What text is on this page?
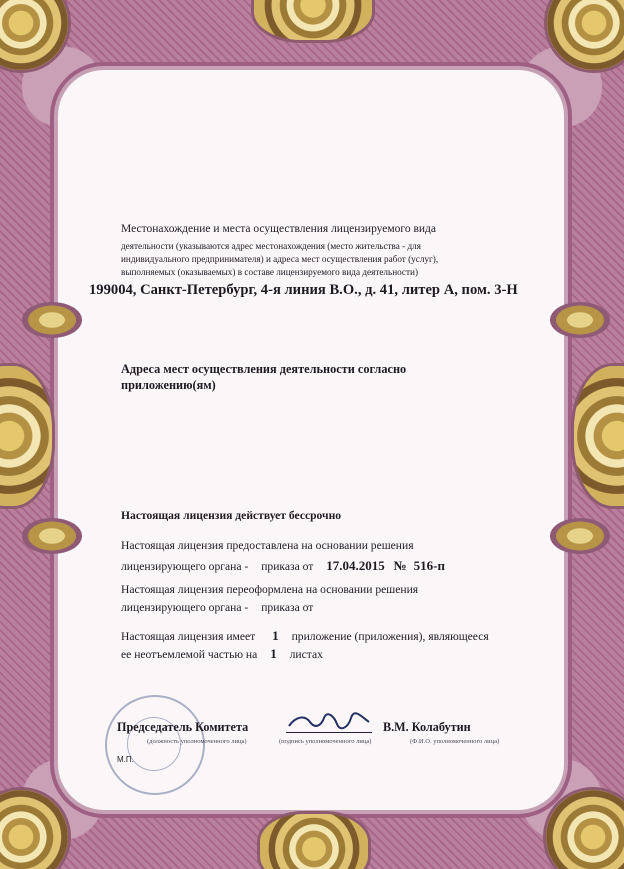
Местонахождение и места осуществления лицензируемого вида
деятельности (указываются адрес местонахождения (место жительства - для
индивидуального предпринимателя) и адреса мест осуществления работ (услуг),
выполняемых (оказываемых) в составе лицензируемого вида деятельности)
199004, Санкт-Петербург, 4-я линия В.О., д. 41, литер А, пом. 3-Н
Адреса мест осуществления деятельности согласно
приложению(ям)
Настоящая лицензия действует бессрочно
Настоящая лицензия предоставлена на основании решения
лицензирующего органа - приказа от 17.04.2015 № 516-п
Настоящая лицензия переоформлена на основании решения
лицензирующего органа - приказа от
Настоящая лицензия имеет 1 приложение (приложения), являющееся
ее неотъемлемой частью на 1 листах
Председатель Комитета	В.М. Колабутин
(должность уполномоченного лица)	(подпись уполномоченного лица)	(Ф.И.О. уполномоченного лица)
М.П.
